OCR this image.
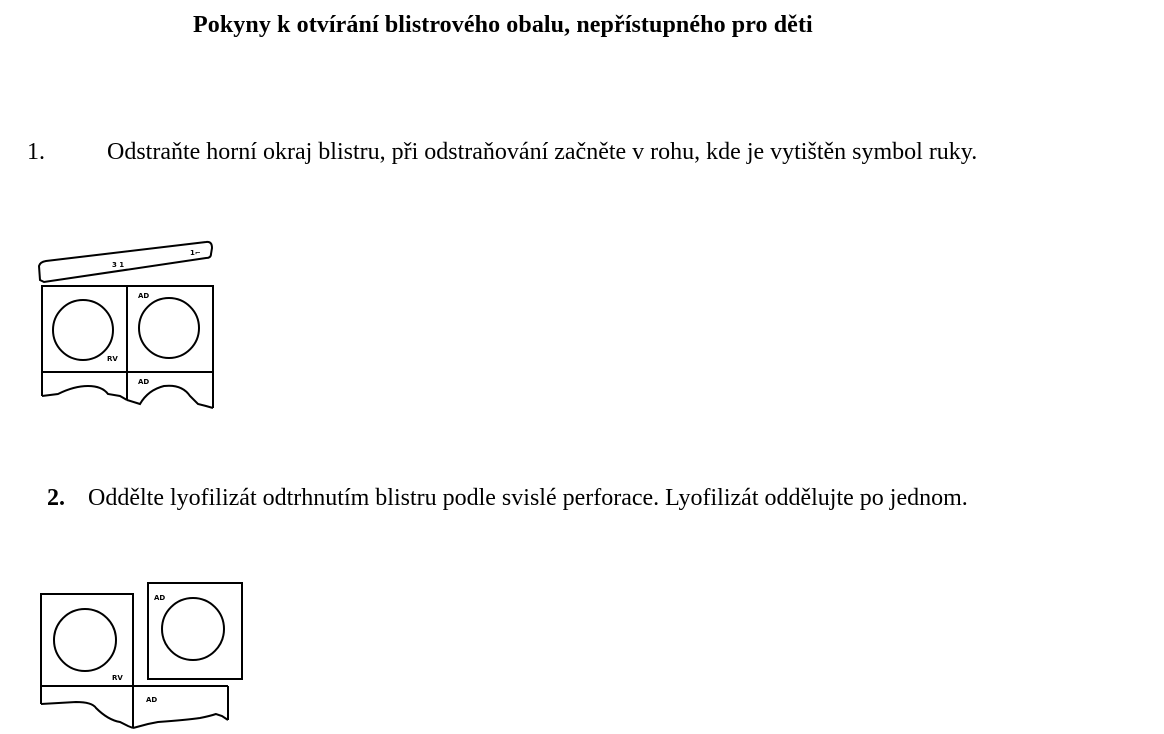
Pokyny k otvírání blistrového obalu, nepřístupného pro děti
1.	Odstraňte horní okraj blistru, při odstraňování začněte v rohu, kde je vytištěn symbol ruky.
3 1
1⌐
AD
RV
AD
2. Oddělte lyofilizát odtrhnutím blistru podle svislé perforace. Lyofilizát oddělujte po jednom.
AD
RV
AD
